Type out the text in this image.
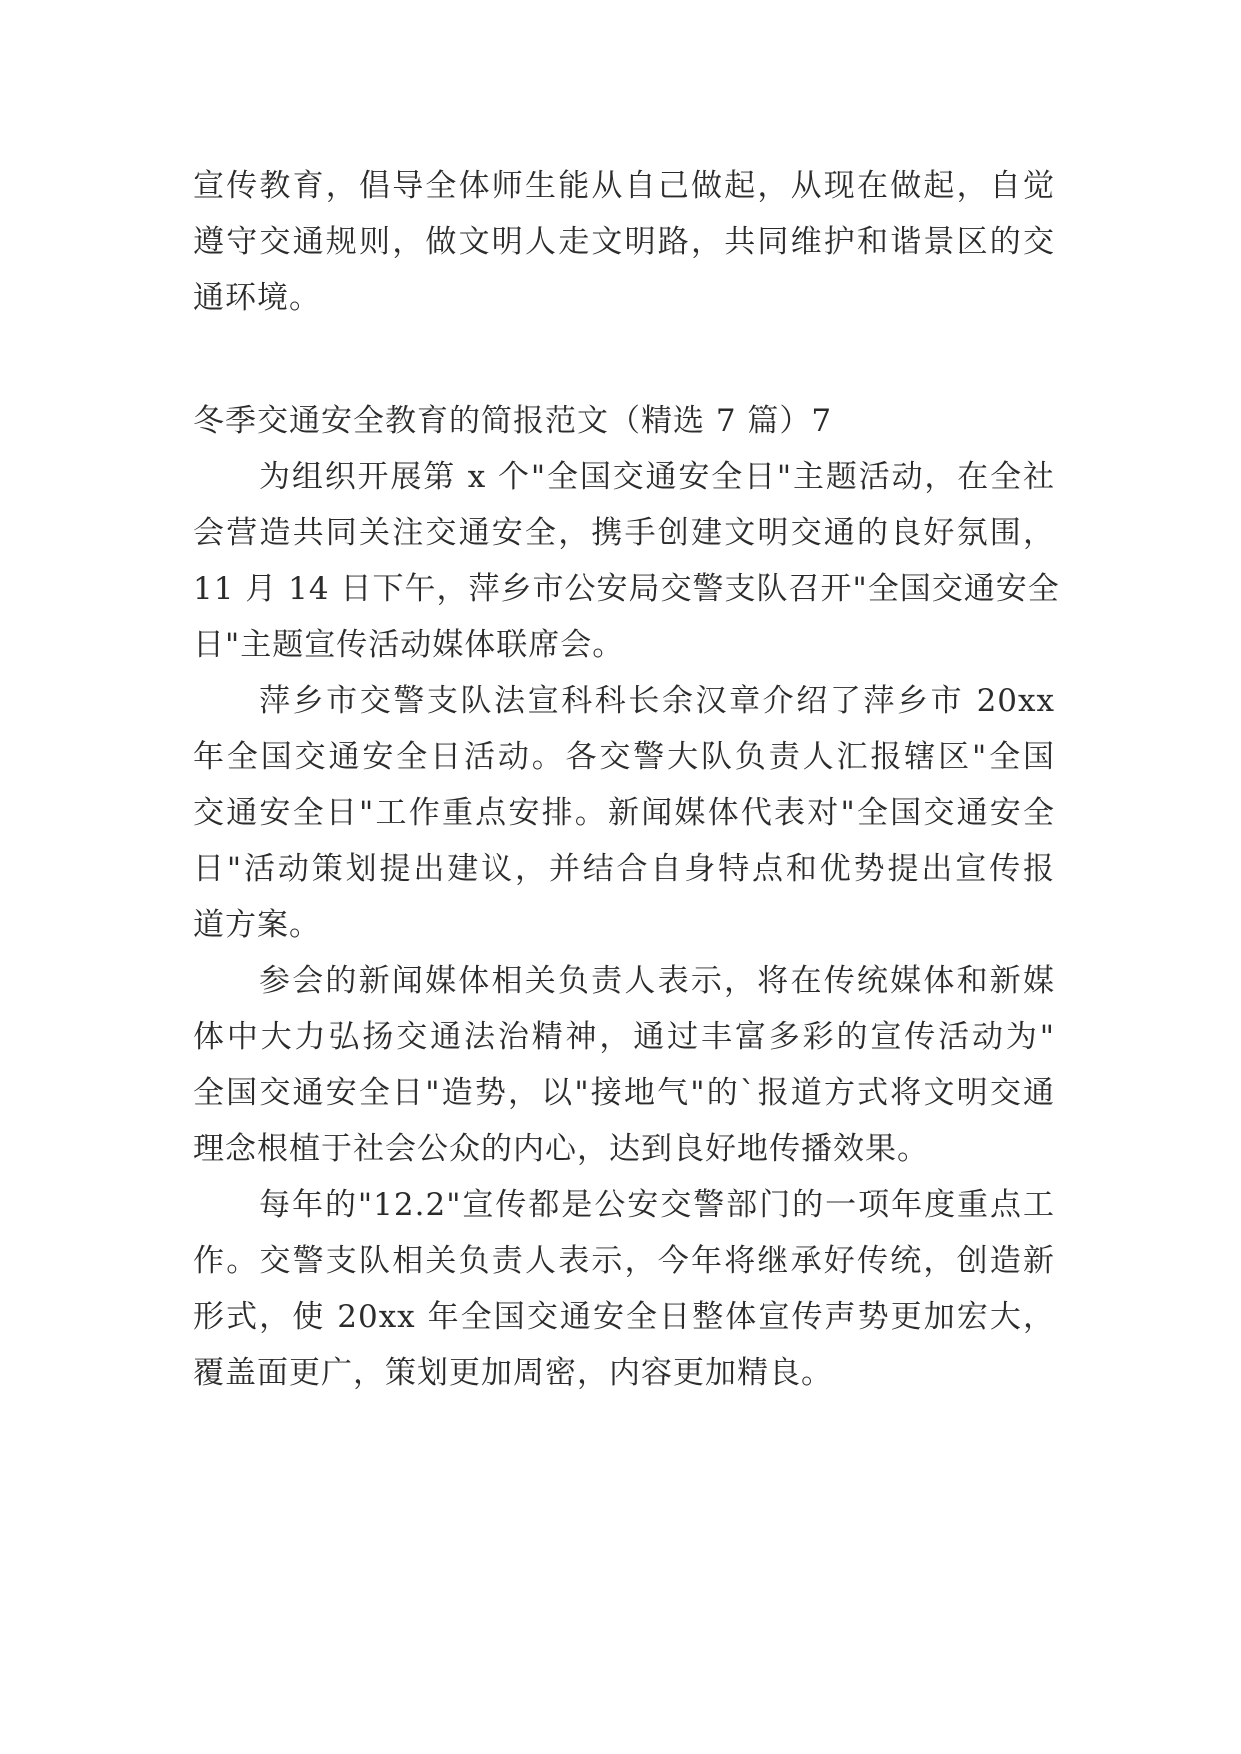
宣传教育，倡导全体师生能从自己做起，从现在做起，自觉
遵守交通规则，做文明人走文明路，共同维护和谐景区的交
通环境。
冬季交通安全教育的简报范文（精选 7 篇）7
为组织开展第 x 个"全国交通安全日"主题活动，在全社
会营造共同关注交通安全，携手创建文明交通的良好氛围，
11 月 14 日下午，萍乡市公安局交警支队召开"全国交通安全
日"主题宣传活动媒体联席会。
萍乡市交警支队法宣科科长余汉章介绍了萍乡市 20xx
年全国交通安全日活动。各交警大队负责人汇报辖区"全国
交通安全日"工作重点安排。新闻媒体代表对"全国交通安全
日"活动策划提出建议，并结合自身特点和优势提出宣传报
道方案。
参会的新闻媒体相关负责人表示，将在传统媒体和新媒
体中大力弘扬交通法治精神，通过丰富多彩的宣传活动为"
全国交通安全日"造势，以"接地气"的`报道方式将文明交通
理念根植于社会公众的内心，达到良好地传播效果。
每年的"12.2"宣传都是公安交警部门的一项年度重点工
作。交警支队相关负责人表示，今年将继承好传统，创造新
形式，使 20xx 年全国交通安全日整体宣传声势更加宏大，
覆盖面更广，策划更加周密，内容更加精良。
